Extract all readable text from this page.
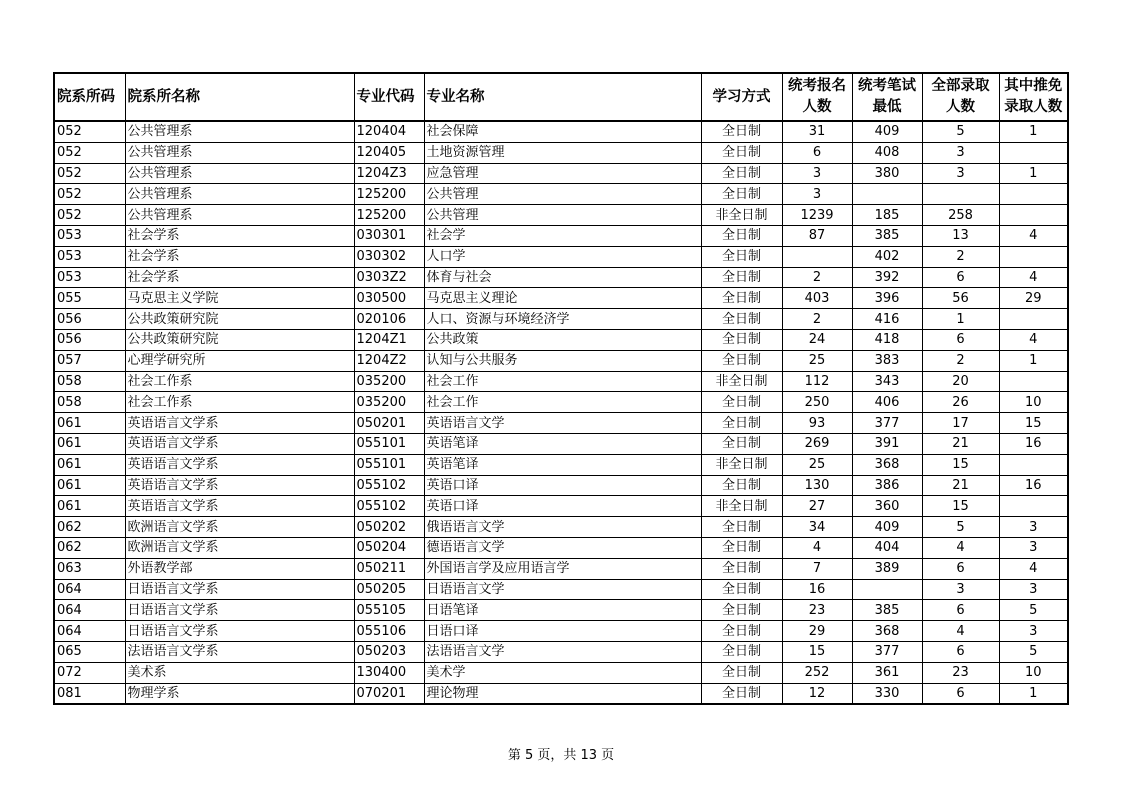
院系所码	院系所名称	专业代码	专业名称	学习方式	统考报名人数	统考笔试最低	全部录取人数	其中推免录取人数
052	公共管理系	120404	社会保障	全日制	31	409	5	1
052	公共管理系	120405	土地资源管理	全日制	6	408	3	
052	公共管理系	1204Z3	应急管理	全日制	3	380	3	1
052	公共管理系	125200	公共管理	全日制	3			
052	公共管理系	125200	公共管理	非全日制	1239	185	258	
053	社会学系	030301	社会学	全日制	87	385	13	4
053	社会学系	030302	人口学	全日制		402	2	
053	社会学系	0303Z2	体育与社会	全日制	2	392	6	4
055	马克思主义学院	030500	马克思主义理论	全日制	403	396	56	29
056	公共政策研究院	020106	人口、资源与环境经济学	全日制	2	416	1	
056	公共政策研究院	1204Z1	公共政策	全日制	24	418	6	4
057	心理学研究所	1204Z2	认知与公共服务	全日制	25	383	2	1
058	社会工作系	035200	社会工作	非全日制	112	343	20	
058	社会工作系	035200	社会工作	全日制	250	406	26	10
061	英语语言文学系	050201	英语语言文学	全日制	93	377	17	15
061	英语语言文学系	055101	英语笔译	全日制	269	391	21	16
061	英语语言文学系	055101	英语笔译	非全日制	25	368	15	
061	英语语言文学系	055102	英语口译	全日制	130	386	21	16
061	英语语言文学系	055102	英语口译	非全日制	27	360	15	
062	欧洲语言文学系	050202	俄语语言文学	全日制	34	409	5	3
062	欧洲语言文学系	050204	德语语言文学	全日制	4	404	4	3
063	外语教学部	050211	外国语言学及应用语言学	全日制	7	389	6	4
064	日语语言文学系	050205	日语语言文学	全日制	16		3	3
064	日语语言文学系	055105	日语笔译	全日制	23	385	6	5
064	日语语言文学系	055106	日语口译	全日制	29	368	4	3
065	法语语言文学系	050203	法语语言文学	全日制	15	377	6	5
072	美术系	130400	美术学	全日制	252	361	23	10
081	物理学系	070201	理论物理	全日制	12	330	6	1
第 5 页，共 13 页
